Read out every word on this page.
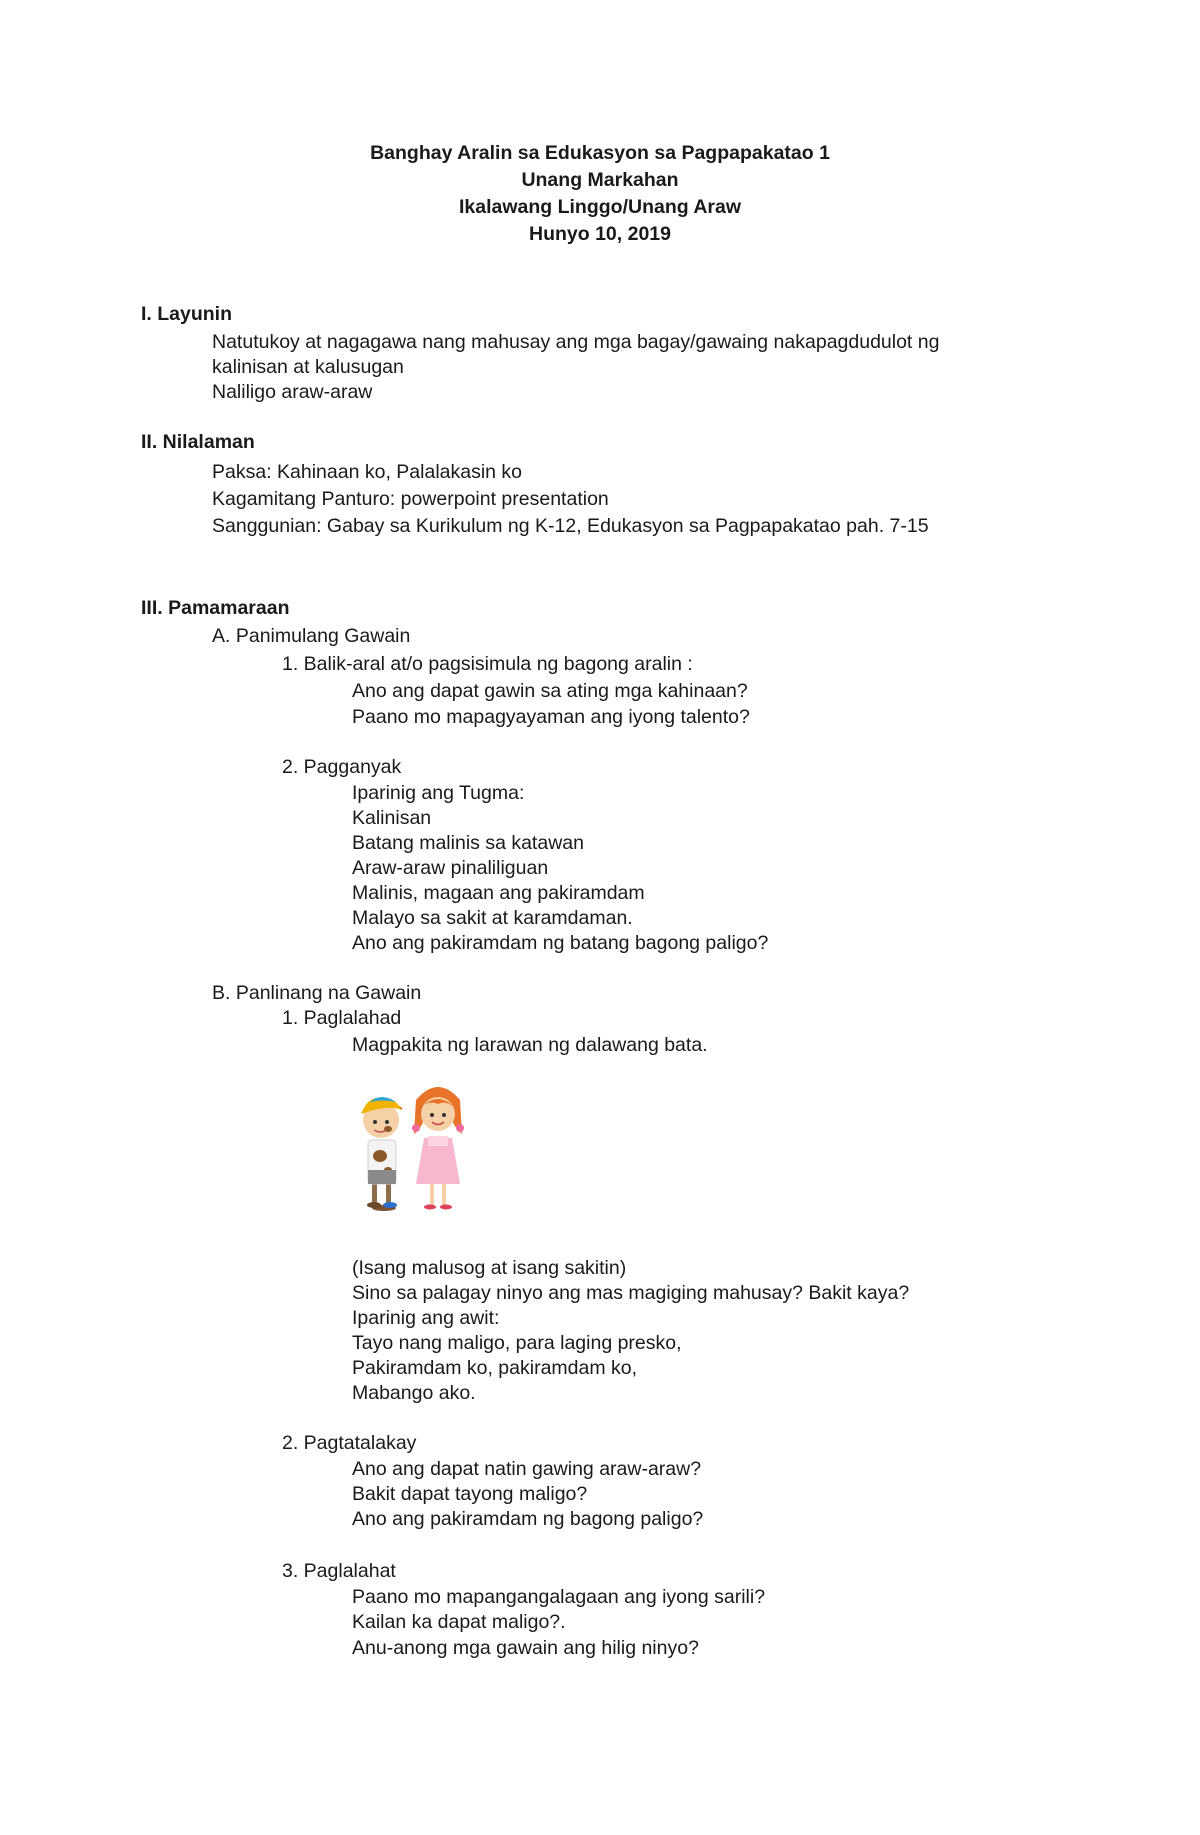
Banghay Aralin sa Edukasyon sa Pagpapakatao 1
Unang Markahan
Ikalawang Linggo/Unang Araw
Hunyo 10, 2019
I. Layunin
Natutukoy at nagagawa nang mahusay ang mga bagay/gawaing nakapagdudulot ng
kalinisan at kalusugan
Naliligo araw-araw
II. Nilalaman
Paksa: Kahinaan ko, Palalakasin ko
Kagamitang Panturo: powerpoint presentation
Sanggunian: Gabay sa Kurikulum ng K-12, Edukasyon sa Pagpapakatao pah. 7-15
III. Pamamaraan
A. Panimulang Gawain
1. Balik-aral at/o pagsisimula ng bagong aralin :
Ano ang dapat gawin sa ating mga kahinaan?
Paano mo mapagyayaman ang iyong talento?
2. Pagganyak
Iparinig ang Tugma:
Kalinisan
Batang malinis sa katawan
Araw-araw pinaliliguan
Malinis, magaan ang pakiramdam
Malayo sa sakit at karamdaman.
Ano ang pakiramdam ng batang bagong paligo?
B. Panlinang na Gawain
1. Paglalahad
Magpakita ng larawan ng dalawang bata.
(Isang malusog at isang sakitin)
Sino sa palagay ninyo ang mas magiging mahusay? Bakit kaya?
Iparinig ang awit:
Tayo nang maligo, para laging presko,
Pakiramdam ko, pakiramdam ko,
Mabango ako.
2. Pagtatalakay
Ano ang dapat natin gawing araw-araw?
Bakit dapat tayong maligo?
Ano ang pakiramdam ng bagong paligo?
3. Paglalahat
Paano mo mapangangalagaan ang iyong sarili?
Kailan ka dapat maligo?.
Anu-anong mga gawain ang hilig ninyo?
